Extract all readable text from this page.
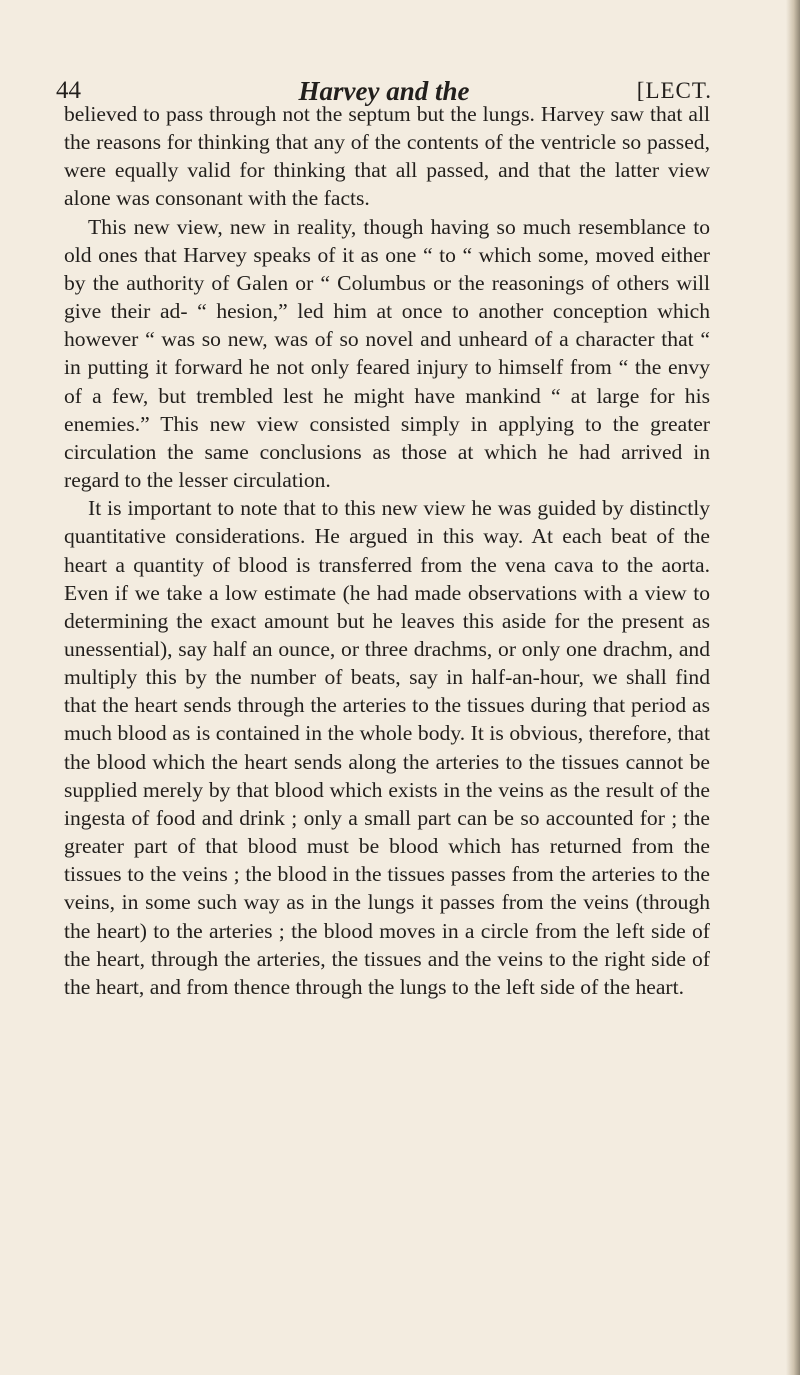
44	Harvey and the	[LECT.

believed to pass through not the septum but the lungs. Harvey saw that all the reasons for thinking that any of the contents of the ventricle so passed, were equally valid for thinking that all passed, and that the latter view alone was consonant with the facts.

This new view, new in reality, though having so much resemblance to old ones that Harvey speaks of it as one “ to “ which some, moved either by the authority of Galen or “ Columbus or the reasonings of others will give their ad- “ hesion,” led him at once to another conception which however “ was so new, was of so novel and unheard of a character that “ in putting it forward he not only feared injury to himself from “ the envy of a few, but trembled lest he might have mankind “ at large for his enemies.” This new view consisted simply in applying to the greater circulation the same conclusions as those at which he had arrived in regard to the lesser circulation.

It is important to note that to this new view he was guided by distinctly quantitative considerations. He argued in this way. At each beat of the heart a quantity of blood is transferred from the vena cava to the aorta. Even if we take a low estimate (he had made observations with a view to determining the exact amount but he leaves this aside for the present as unessential), say half an ounce, or three drachms, or only one drachm, and multiply this by the number of beats, say in half-an-hour, we shall find that the heart sends through the arteries to the tissues during that period as much blood as is contained in the whole body. It is obvious, therefore, that the blood which the heart sends along the arteries to the tissues cannot be supplied merely by that blood which exists in the veins as the result of the ingesta of food and drink ; only a small part can be so accounted for ; the greater part of that blood must be blood which has returned from the tissues to the veins ; the blood in the tissues passes from the arteries to the veins, in some such way as in the lungs it passes from the veins (through the heart) to the arteries ; the blood moves in a circle from the left side of the heart, through the arteries, the tissues and the veins to the right side of the heart, and from thence through the lungs to the left side of the heart.
